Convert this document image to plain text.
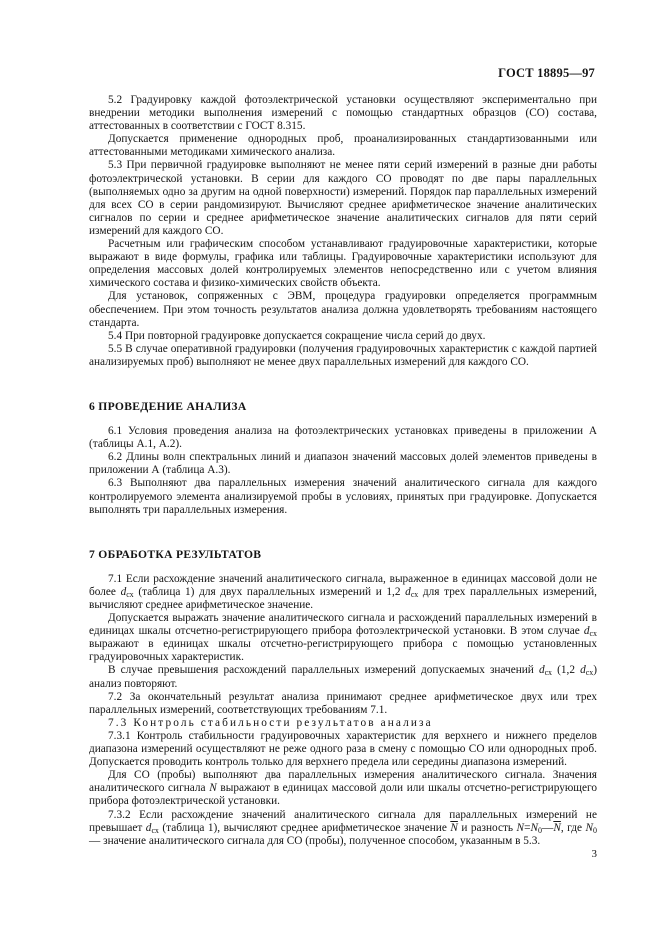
ГОСТ 18895—97

5.2 Градуировку каждой фотоэлектрической установки осуществляют экспериментально при внедрении методики выполнения измерений с помощью стандартных образцов (СО) состава, аттестованных в соответствии с ГОСТ 8.315.

Допускается применение однородных проб, проанализированных стандартизованными или аттестованными методиками химического анализа.

5.3 При первичной градуировке выполняют не менее пяти серий измерений в разные дни работы фотоэлектрической установки. В серии для каждого СО проводят по две пары параллельных (выполняемых одно за другим на одной поверхности) измерений. Порядок пар параллельных измерений для всех СО в серии рандомизируют. Вычисляют среднее арифметическое значение аналитических сигналов по серии и среднее арифметическое значение аналитических сигналов для пяти серий измерений для каждого СО.

Расчетным или графическим способом устанавливают градуировочные характеристики, которые выражают в виде формулы, графика или таблицы. Градуировочные характеристики используют для определения массовых долей контролируемых элементов непосредственно или с учетом влияния химического состава и физико-химических свойств объекта.

Для установок, сопряженных с ЭВМ, процедура градуировки определяется программным обеспечением. При этом точность результатов анализа должна удовлетворять требованиям настоящего стандарта.

5.4 При повторной градуировке допускается сокращение числа серий до двух.

5.5 В случае оперативной градуировки (получения градуировочных характеристик с каждой партией анализируемых проб) выполняют не менее двух параллельных измерений для каждого СО.

6 ПРОВЕДЕНИЕ АНАЛИЗА

6.1 Условия проведения анализа на фотоэлектрических установках приведены в приложении А (таблицы А.1, А.2).

6.2 Длины волн спектральных линий и диапазон значений массовых долей элементов приведены в приложении А (таблица А.3).

6.3 Выполняют два параллельных измерения значений аналитического сигнала для каждого контролируемого элемента анализируемой пробы в условиях, принятых при градуировке. Допускается выполнять три параллельных измерения.

7 ОБРАБОТКА РЕЗУЛЬТАТОВ

7.1 Если расхождение значений аналитического сигнала, выраженное в единицах массовой доли не более $d_{сх}$ (таблица 1) для двух параллельных измерений и 1,2 $d_{сх}$ для трех параллельных измерений, вычисляют среднее арифметическое значение.

Допускается выражать значение аналитического сигнала и расхождений параллельных измерений в единицах шкалы отсчетно-регистрирующего прибора фотоэлектрической установки. В этом случае $d_{сх}$ выражают в единицах шкалы отсчетно-регистрирующего прибора с помощью установленных градуировочных характеристик.

В случае превышения расхождений параллельных измерений допускаемых значений $d_{сх}$ (1,2 $d_{сх}$) анализ повторяют.

7.2 За окончательный результат анализа принимают среднее арифметическое двух или трех параллельных измерений, соответствующих требованиям 7.1.

7.3 Контроль стабильности результатов анализа

7.3.1 Контроль стабильности градуировочных характеристик для верхнего и нижнего пределов диапазона измерений осуществляют не реже одного раза в смену с помощью СО или однородных проб. Допускается проводить контроль только для верхнего предела или середины диапазона измерений.

Для СО (пробы) выполняют два параллельных измерения аналитического сигнала. Значения аналитического сигнала N выражают в единицах массовой доли или шкалы отсчетно-регистрирующего прибора фотоэлектрической установки.

7.3.2 Если расхождение значений аналитического сигнала для параллельных измерений не превышает $d_{сх}$ (таблица 1), вычисляют среднее арифметическое значение $\overline{N}$ и разность $N=N_0—\overline{N}$, где $N_0$ — значение аналитического сигнала для СО (пробы), полученное способом, указанным в 5.3.

3
